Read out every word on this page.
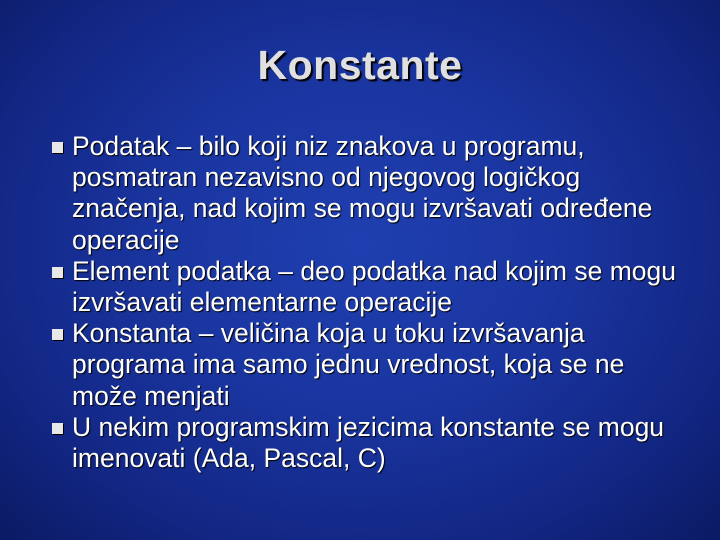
Konstante
Podatak – bilo koji niz znakova u programu, posmatran nezavisno od njegovog logičkog značenja, nad kojim se mogu izvršavati određene operacije
Element podatka – deo podatka nad kojim se mogu izvršavati elementarne operacije
Konstanta – veličina koja u toku izvršavanja programa ima samo jednu vrednost, koja se ne može menjati
U nekim programskim jezicima konstante se mogu imenovati (Ada, Pascal, C)
